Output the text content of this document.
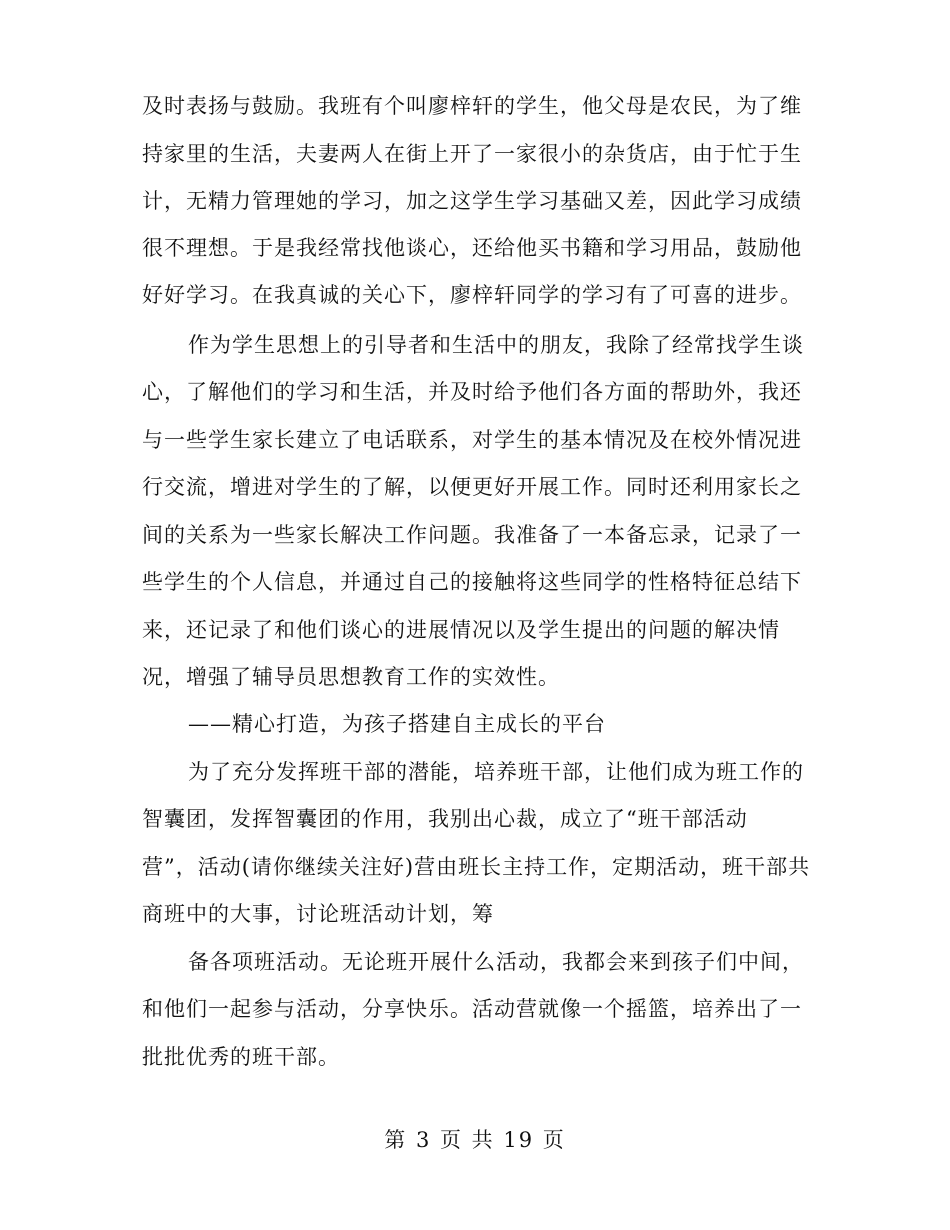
及时表扬与鼓励。我班有个叫廖梓轩的学生，他父母是农民，为了维
持家里的生活，夫妻两人在街上开了一家很小的杂货店，由于忙于生
计，无精力管理她的学习，加之这学生学习基础又差，因此学习成绩
很不理想。于是我经常找他谈心，还给他买书籍和学习用品，鼓励他
好好学习。在我真诚的关心下，廖梓轩同学的学习有了可喜的进步。
作为学生思想上的引导者和生活中的朋友，我除了经常找学生谈
心，了解他们的学习和生活，并及时给予他们各方面的帮助外，我还
与一些学生家长建立了电话联系，对学生的基本情况及在校外情况进
行交流，增进对学生的了解，以便更好开展工作。同时还利用家长之
间的关系为一些家长解决工作问题。我准备了一本备忘录，记录了一
些学生的个人信息，并通过自己的接触将这些同学的性格特征总结下
来，还记录了和他们谈心的进展情况以及学生提出的问题的解决情
况，增强了辅导员思想教育工作的实效性。
——精心打造，为孩子搭建自主成长的平台
为了充分发挥班干部的潜能，培养班干部，让他们成为班工作的
智囊团，发挥智囊团的作用，我别出心裁，成立了“班干部活动
营”，活动(请你继续关注好)营由班长主持工作，定期活动，班干部共
商班中的大事，讨论班活动计划，筹
备各项班活动。无论班开展什么活动，我都会来到孩子们中间，
和他们一起参与活动，分享快乐。活动营就像一个摇篮，培养出了一
批批优秀的班干部。
第 3 页 共 19 页
